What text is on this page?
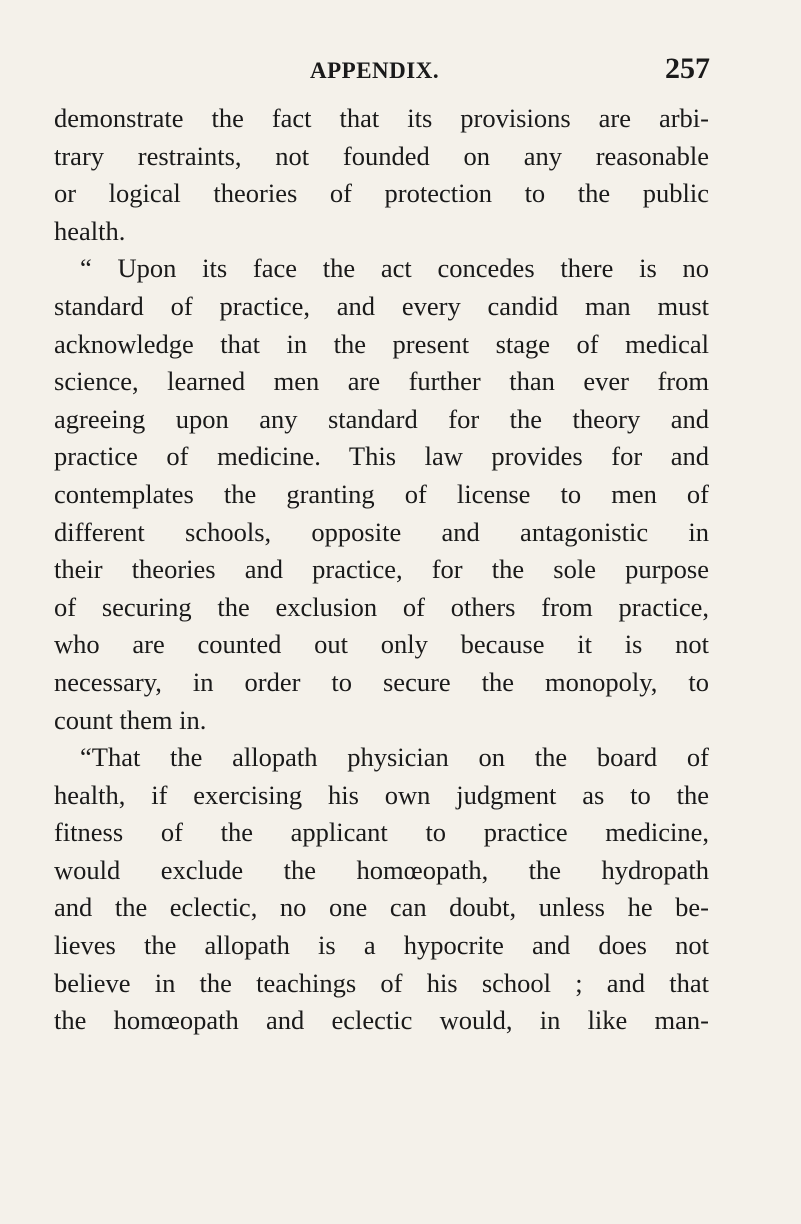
APPENDIX.	257
demonstrate the fact that its provisions are arbi-
trary restraints, not founded on any reasonable
or logical theories of protection to the public
health.
“ Upon its face the act concedes there is no
standard of practice, and every candid man must
acknowledge that in the present stage of medical
science, learned men are further than ever from
agreeing upon any standard for the theory and
practice of medicine. This law provides for and
contemplates the granting of license to men of
different schools, opposite and antagonistic in
their theories and practice, for the sole purpose
of securing the exclusion of others from practice,
who are counted out only because it is not
necessary, in order to secure the monopoly, to
count them in.
“That the allopath physician on the board of
health, if exercising his own judgment as to the
fitness of the applicant to practice medicine,
would exclude the homœopath, the hydropath
and the eclectic, no one can doubt, unless he be-
lieves the allopath is a hypocrite and does not
believe in the teachings of his school ; and that
the homœopath and eclectic would, in like man-
